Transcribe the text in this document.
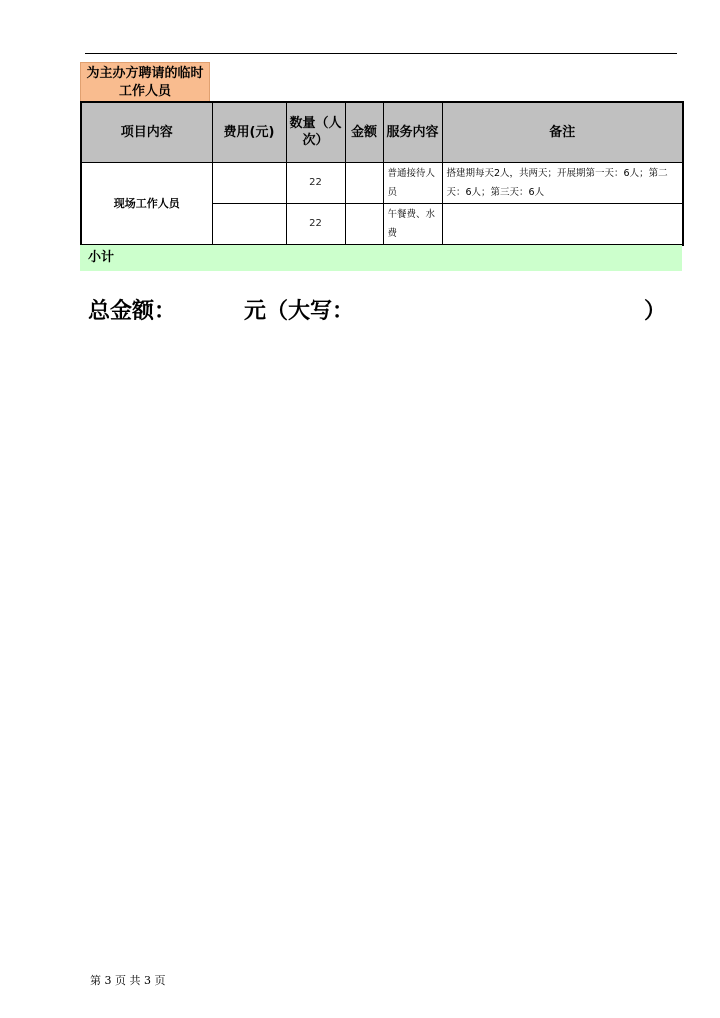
为主办方聘请的临时工作人员
项目内容	费用(元)	数量（人次）	金额	服务内容	备注
现场工作人员		22		普通接待人员	搭建期每天2人，共两天；开展期第一天：6人；第二天：6人；第三天：6人
		22		午餐费、水费	
小计
总金额：	元（大写：	）
第 3 页 共 3 页
